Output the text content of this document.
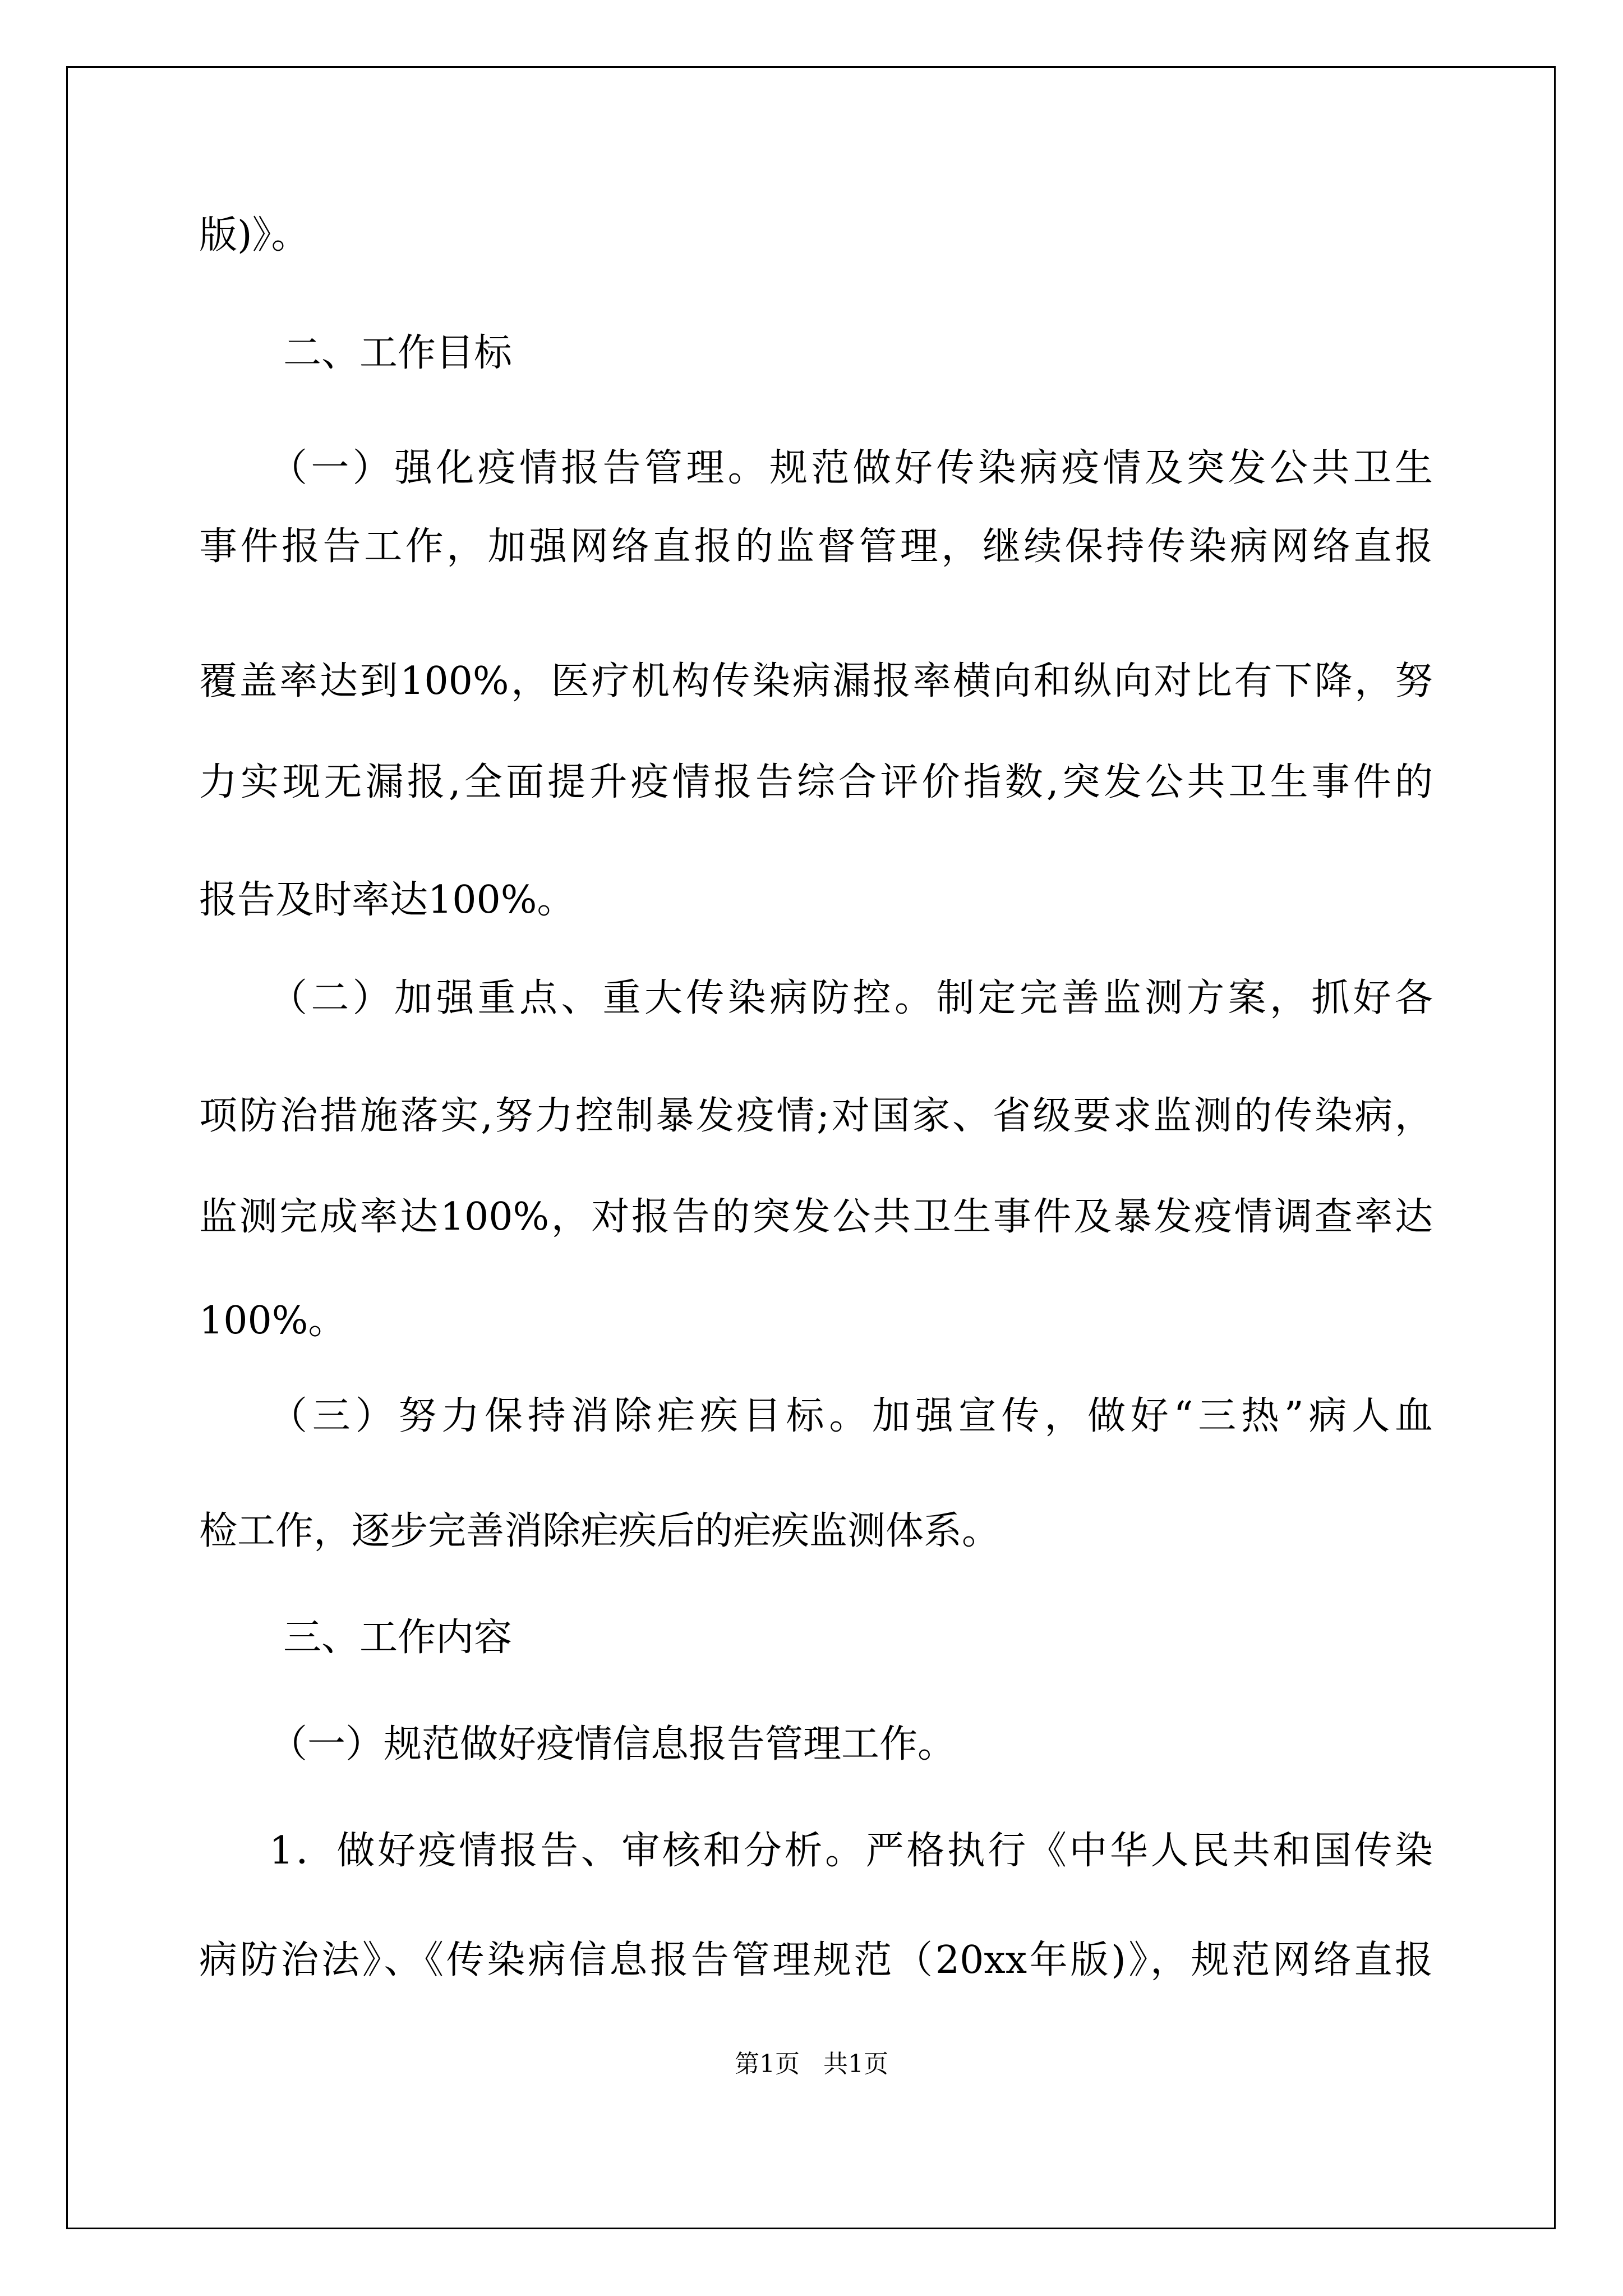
版)》。
二、工作目标
（一）强化疫情报告管理。规范做好传染病疫情及突发公共卫生
事件报告工作，加强网络直报的监督管理，继续保持传染病网络直报
覆盖率达到100%，医疗机构传染病漏报率横向和纵向对比有下降，努
力实现无漏报,全面提升疫情报告综合评价指数,突发公共卫生事件的
报告及时率达100%。
（二）加强重点、重大传染病防控。制定完善监测方案，抓好各
项防治措施落实,努力控制暴发疫情;对国家、省级要求监测的传染病，
监测完成率达100%，对报告的突发公共卫生事件及暴发疫情调查率达
100%。
（三）努力保持消除疟疾目标。加强宣传，做好“三热”病人血
检工作，逐步完善消除疟疾后的疟疾监测体系。
三、工作内容
（一）规范做好疫情信息报告管理工作。
1．做好疫情报告、审核和分析。严格执行《中华人民共和国传染
病防治法》、《传染病信息报告管理规范（20xx年版)》，规范网络直报
第1页   共1页
